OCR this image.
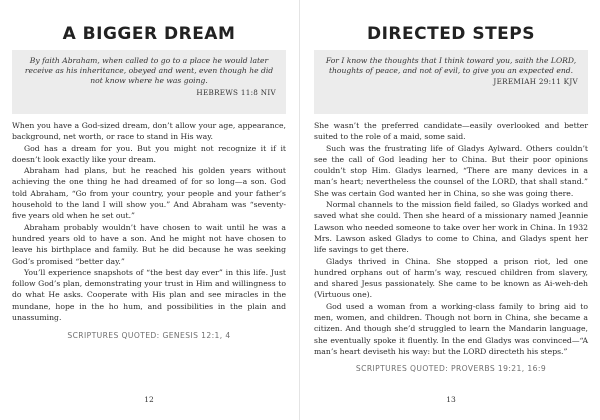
A BIGGER DREAM
By faith Abraham, when called to go to a place he would later receive as his inheritance, obeyed and went, even though he did not know where he was going.
HEBREWS 11:8 NIV

When you have a God-sized dream, don’t allow your age, appearance, background, net worth, or race to stand in His way.

God has a dream for you. But you might not recognize it if it doesn’t look exactly like your dream.

Abraham had plans, but he reached his golden years without achieving the one thing he had dreamed of for so long—a son. God told Abraham, “Go from your country, your people and your father’s household to the land I will show you.” And Abraham was “seventy-five years old when he set out.”

Abraham probably wouldn’t have chosen to wait until he was a hundred years old to have a son. And he might not have chosen to leave his birthplace and family. But he did because he was seeking God’s promised “better day.”

You’ll experience snapshots of “the best day ever” in this life. Just follow God’s plan, demonstrating your trust in Him and willingness to do what He asks. Cooperate with His plan and see miracles in the mundane, hope in the ho hum, and possibilities in the plain and unassuming.

SCRIPTURES QUOTED: GENESIS 12:1, 4
12
DIRECTED STEPS
For I know the thoughts that I think toward you, saith the LORD, thoughts of peace, and not of evil, to give you an expected end.
JEREMIAH 29:11 KJV

She wasn’t the preferred candidate—easily overlooked and better suited to the role of a maid, some said.

Such was the frustrating life of Gladys Aylward. Others couldn’t see the call of God leading her to China. But their poor opinions couldn’t stop Him. Gladys learned, “There are many devices in a man’s heart; nevertheless the counsel of the LORD, that shall stand.” She was certain God wanted her in China, so she was going there.

Normal channels to the mission field failed, so Gladys worked and saved what she could. Then she heard of a missionary named Jeannie Lawson who needed someone to take over her work in China. In 1932 Mrs. Lawson asked Gladys to come to China, and Gladys spent her life savings to get there.

Gladys thrived in China. She stopped a prison riot, led one hundred orphans out of harm’s way, rescued children from slavery, and shared Jesus passionately. She came to be known as Ai-weh-deh (Virtuous one).

God used a woman from a working-class family to bring aid to men, women, and children. Though not born in China, she became a citizen. And though she’d struggled to learn the Mandarin language, she eventually spoke it fluently. In the end Gladys was convinced—“A man’s heart deviseth his way: but the LORD directeth his steps.”

SCRIPTURES QUOTED: PROVERBS 19:21, 16:9
13
